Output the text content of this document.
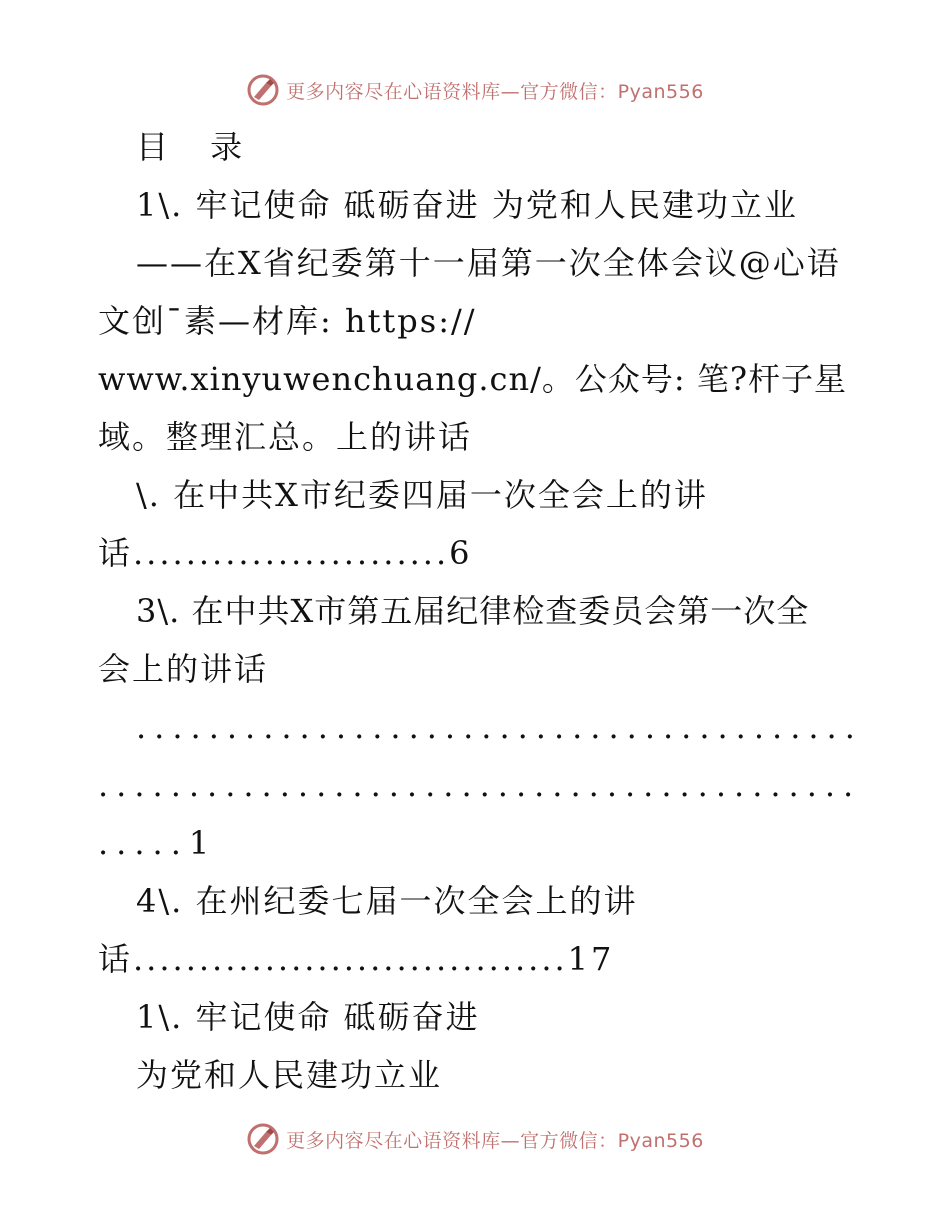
更多内容尽在心语资料库—官方微信：Pyan556
目 录
1\. 牢记使命 砥砺奋进 为党和人民建功立业
——在X省纪委第十一届第一次全体会议@心语
文创¯素—材库: https://
www.xinyuwenchuang.cn/。公众号: 笔?杆子星
域。整理汇总。上的讲话
\. 在中共X市纪委四届一次全会上的讲
话........................6
3\. 在中共X市第五届纪律检查委员会第一次全
会上的讲话
........................................
..........................................
.....1
4\. 在州纪委七届一次全会上的讲
话.................................17
1\. 牢记使命 砥砺奋进
为党和人民建功立业
更多内容尽在心语资料库—官方微信：Pyan556
